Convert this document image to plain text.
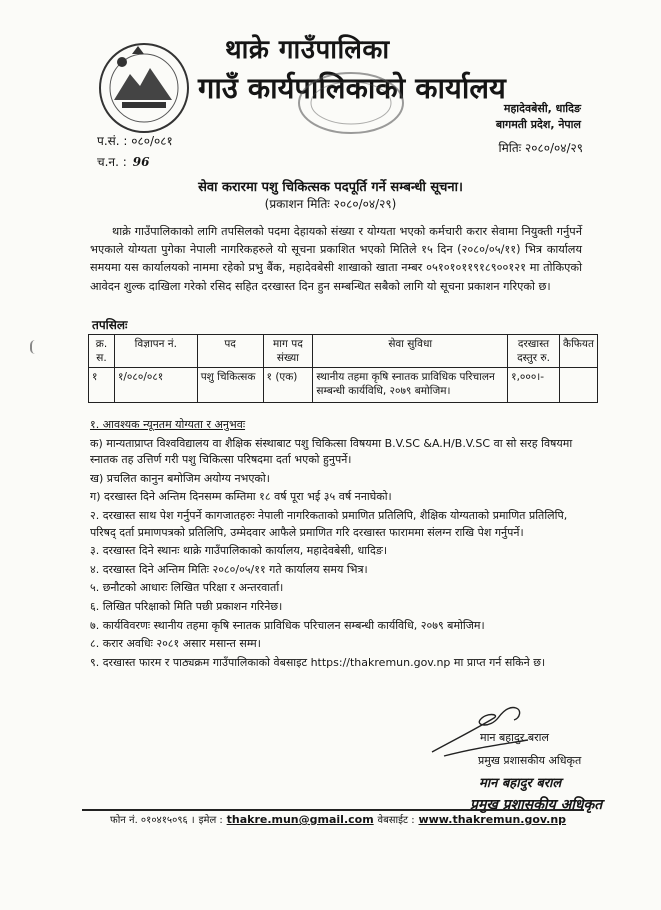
थाक्रे गाउँपालिका
गाउँ कार्यपालिकाको कार्यालय
महादेवबेसी, धादिङ
बागमती प्रदेश, नेपाल
प.सं. : ०८०/०८१
च.न. : 96
मितिः २०८०/०४/२९
सेवा करारमा पशु चिकित्सक पदपूर्ति गर्ने सम्बन्धी सूचना।
(प्रकाशन मितिः २०८०/०४/२९)

थाक्रे गाउँपालिकाको लागि तपसिलको पदमा देहायको संख्या र योग्यता भएको कर्मचारी करार सेवामा नियुक्ती गर्नुपर्ने भएकाले योग्यता पुगेका नेपाली नागरिकहरुले यो सूचना प्रकाशित भएको मितिले १५ दिन (२०८०/०५/११) भित्र कार्यालय समयमा यस कार्यालयको नाममा रहेको प्रभु बैंक, महादेवबेसी शाखाको खाता नम्बर ०५१०१०११९१८९००१२१ मा तोकिएको आवेदन शुल्क दाखिला गरेको रसिद सहित दरखास्त दिन हुन सम्बन्धित सबैको लागि यो सूचना प्रकाशन गरिएको छ।

तपसिलः
क्र. स.	विज्ञापन नं.	पद	माग पद संख्या	सेवा सुविधा	दरखास्त दस्तुर रु.	कैफियत
१	१/०८०/०८१	पशु चिकित्सक	१ (एक)	स्थानीय तहमा कृषि स्नातक प्राविधिक परिचालन सम्बन्धी कार्यविधि, २०७९ बमोजिम।	१,०००।-	
१. आवश्यक न्यूनतम योग्यता र अनुभवः
क) मान्यताप्राप्त विश्वविद्यालय वा शैक्षिक संस्थाबाट पशु चिकित्सा विषयमा B.V.SC &A.H/B.V.SC वा सो सरह विषयमा स्नातक तह उत्तिर्ण गरी पशु चिकित्सा परिषदमा दर्ता भएको हुनुपर्ने।
ख) प्रचलित कानुन बमोजिम अयोग्य नभएको।
ग) दरखास्त दिने अन्तिम दिनसम्म कम्तिमा १८ वर्ष पूरा भई ३५ वर्ष ननाघेको।
२. दरखास्त साथ पेश गर्नुपर्ने कागजातहरुः नेपाली नागरिकताको प्रमाणित प्रतिलिपि, शैक्षिक योग्यताको प्रमाणित प्रतिलिपि, परिषद् दर्ता प्रमाणपत्रको प्रतिलिपि, उम्मेदवार आफैले प्रमाणित गरि दरखास्त फाराममा संलग्न राखि पेश गर्नुपर्ने।
३. दरखास्त दिने स्थानः थाक्रे गाउँपालिकाको कार्यालय, महादेवबेसी, धादिङ।
४. दरखास्त दिने अन्तिम मितिः २०८०/०५/११ गते कार्यालय समय भित्र।
५. छनौटको आधारः लिखित परिक्षा र अन्तरवार्ता।
६. लिखित परिक्षाको मिति पछी प्रकाशन गरिनेछ।
७. कार्यविवरणः स्थानीय तहमा कृषि स्नातक प्राविधिक परिचालन सम्बन्धी कार्यविधि, २०७९ बमोजिम।
८. करार अवधिः २०८१ असार मसान्त सम्म।
९. दरखास्त फारम र पाठ्यक्रम गाउँपालिकाको वेबसाइट https://thakremun.gov.np मा प्राप्त गर्न सकिने छ।
मान बहादुर बराल
प्रमुख प्रशासकीय अधिकृत
मान बहादुर बराल
प्रमुख प्रशासकीय अधिकृत
फोन नं. ०१०४१५०९६ । इमेल : thakre.mun@gmail.com वेबसाईट : www.thakremun.gov.np
